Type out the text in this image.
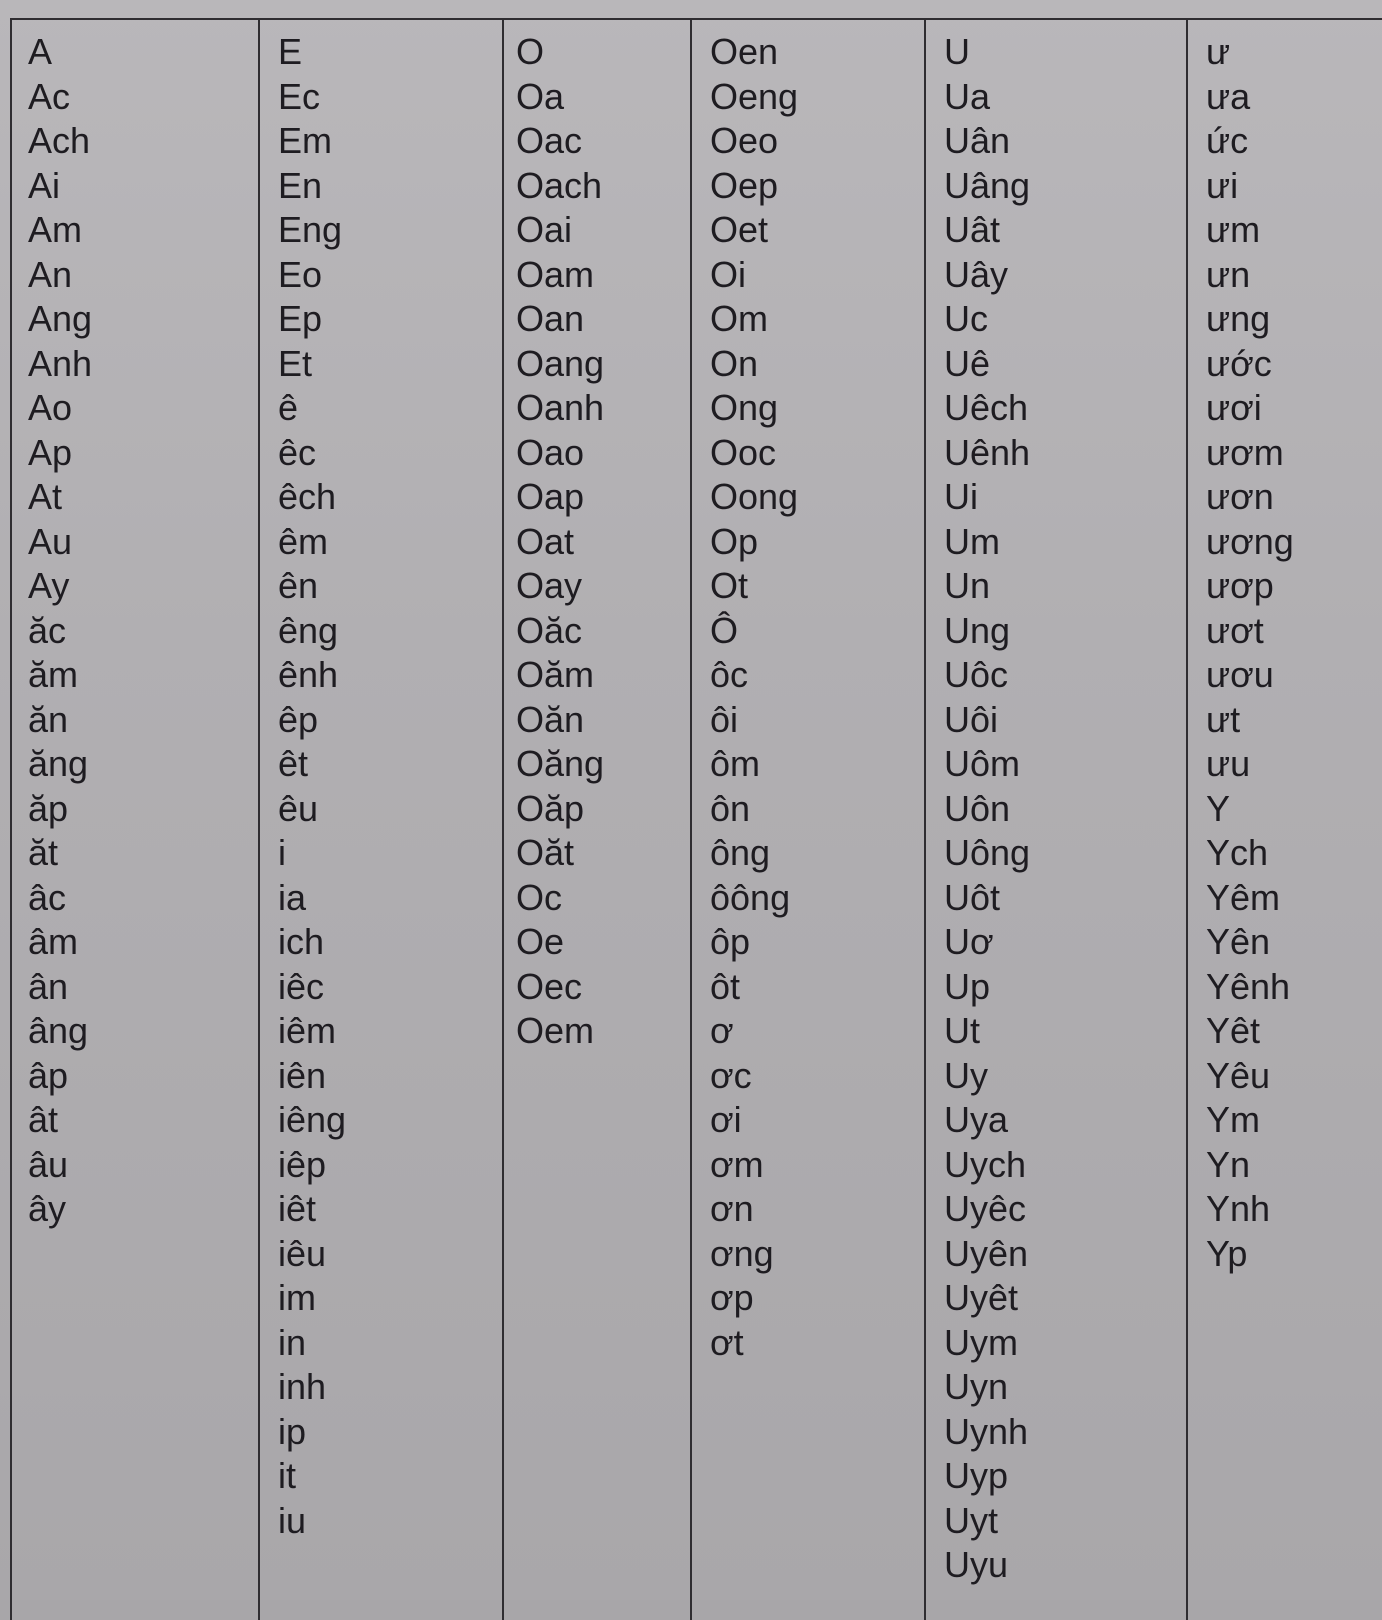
A
Ac
Ach
Ai
Am
An
Ang
Anh
Ao
Ap
At
Au
Ay
ăc
ăm
ăn
ăng
ăp
ăt
âc
âm
ân
âng
âp
ât
âu
ây
E
Ec
Em
En
Eng
Eo
Ep
Et
ê
êc
êch
êm
ên
êng
ênh
êp
êt
êu
i
ia
ich
iêc
iêm
iên
iêng
iêp
iêt
iêu
im
in
inh
ip
it
iu
O
Oa
Oac
Oach
Oai
Oam
Oan
Oang
Oanh
Oao
Oap
Oat
Oay
Oăc
Oăm
Oăn
Oăng
Oăp
Oăt
Oc
Oe
Oec
Oem
Oen
Oeng
Oeo
Oep
Oet
Oi
Om
On
Ong
Ooc
Oong
Op
Ot
Ô
ôc
ôi
ôm
ôn
ông
ôông
ôp
ôt
ơ
ơc
ơi
ơm
ơn
ơng
ơp
ơt
U
Ua
Uân
Uâng
Uât
Uây
Uc
Uê
Uêch
Uênh
Ui
Um
Un
Ung
Uôc
Uôi
Uôm
Uôn
Uông
Uôt
Uơ
Up
Ut
Uy
Uya
Uych
Uyêc
Uyên
Uyêt
Uym
Uyn
Uynh
Uyp
Uyt
Uyu
ư
ưa
ức
ưi
ưm
ưn
ưng
ước
ươi
ươm
ươn
ương
ươp
ươt
ươu
ưt
ưu
Y
Ych
Yêm
Yên
Yênh
Yêt
Yêu
Ym
Yn
Ynh
Yp
